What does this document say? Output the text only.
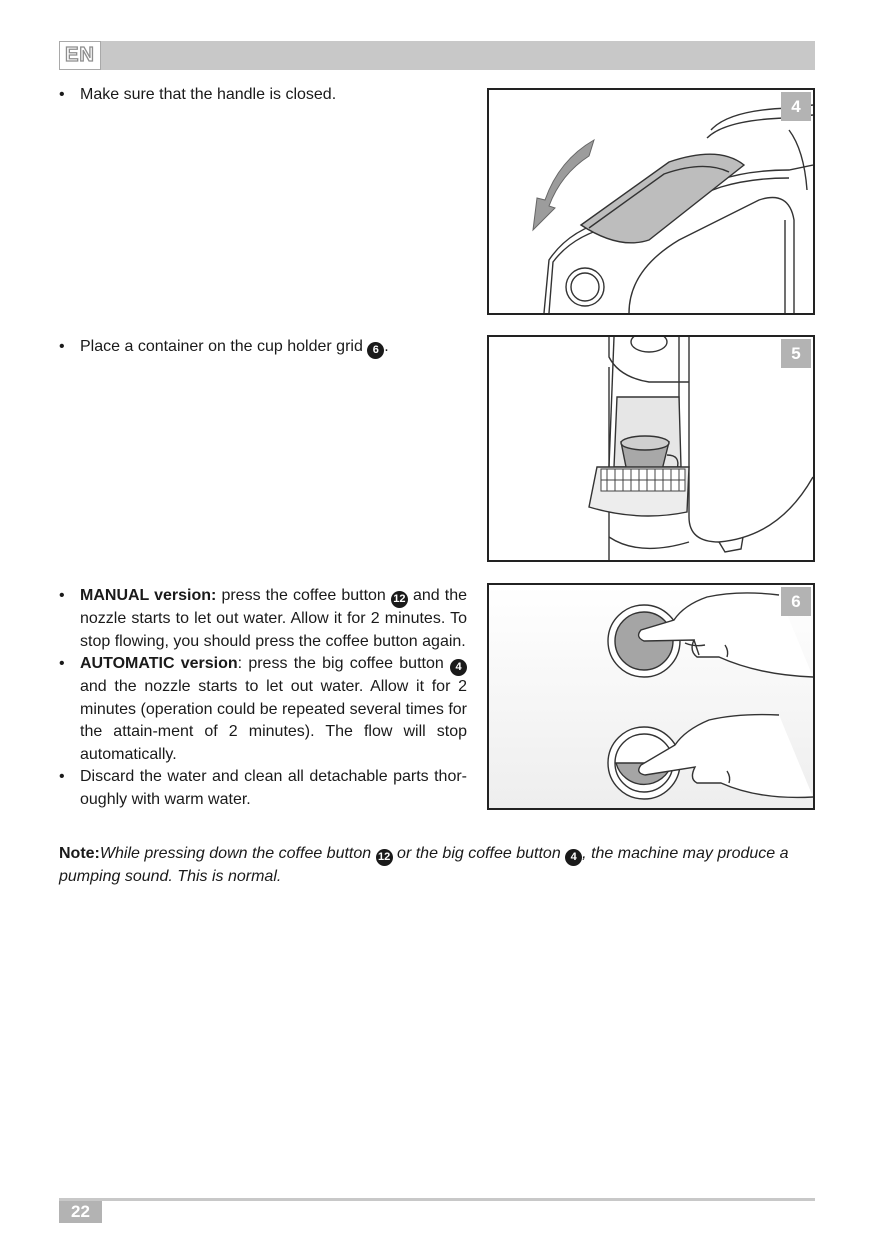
EN
• Make sure that the handle is closed.
4
• Place a container on the cup holder grid 6 .	5
• MANUAL version: press the coffee button 12 and the nozzle starts to let out water. Allow it for 2 minutes. To stop flowing, you should press the coffee button again.
• AUTOMATIC version: press the big coffee button 4 and the nozzle starts to let out water. Allow it for 2 minutes (operation could be repeated several times for the attain-ment of 2 minutes). The flow will stop automatically.
• Discard the water and clean all detachable parts thor-oughly with warm water.
6
Note:While pressing down the coffee button 12 or the big coffee button 4 , the machine may produce a pumping sound. This is normal.
22
